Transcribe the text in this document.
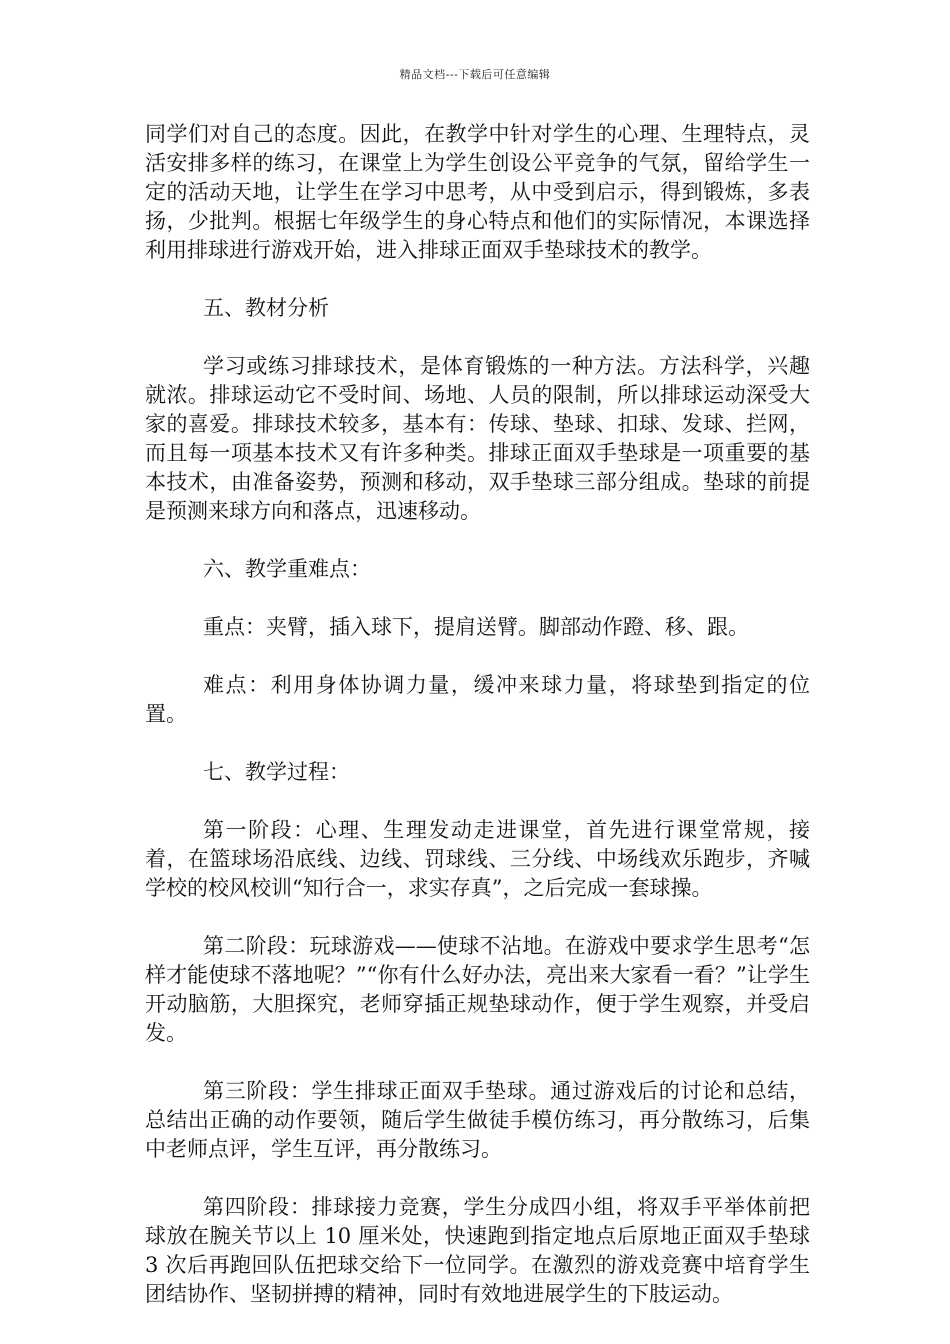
精品文档---下载后可任意编辑

同学们对自己的态度。因此，在教学中针对学生的心理、生理特点，灵活安排多样的练习，在课堂上为学生创设公平竞争的气氛，留给学生一定的活动天地，让学生在学习中思考，从中受到启示，得到锻炼，多表扬，少批判。根据七年级学生的身心特点和他们的实际情况，本课选择利用排球进行游戏开始，进入排球正面双手垫球技术的教学。

五、教材分析

学习或练习排球技术，是体育锻炼的一种方法。方法科学，兴趣就浓。排球运动它不受时间、场地、人员的限制，所以排球运动深受大家的喜爱。排球技术较多，基本有：传球、垫球、扣球、发球、拦网，而且每一项基本技术又有许多种类。排球正面双手垫球是一项重要的基本技术，由准备姿势，预测和移动，双手垫球三部分组成。垫球的前提是预测来球方向和落点，迅速移动。

六、教学重难点：

重点：夹臂，插入球下，提肩送臂。脚部动作蹬、移、跟。

难点：利用身体协调力量，缓冲来球力量，将球垫到指定的位置。

七、教学过程：

第一阶段：心理、生理发动走进课堂，首先进行课堂常规，接着，在篮球场沿底线、边线、罚球线、三分线、中场线欢乐跑步，齐喊学校的校风校训“知行合一，求实存真”，之后完成一套球操。

第二阶段：玩球游戏——使球不沾地。在游戏中要求学生思考“怎样才能使球不落地呢？”“你有什么好办法，亮出来大家看一看？”让学生开动脑筋，大胆探究，老师穿插正规垫球动作，便于学生观察，并受启发。

第三阶段：学生排球正面双手垫球。通过游戏后的讨论和总结，总结出正确的动作要领，随后学生做徒手模仿练习，再分散练习，后集中老师点评，学生互评，再分散练习。

第四阶段：排球接力竞赛，学生分成四小组，将双手平举体前把球放在腕关节以上 10 厘米处，快速跑到指定地点后原地正面双手垫球 3 次后再跑回队伍把球交给下一位同学。在激烈的游戏竞赛中培育学生团结协作、坚韧拼搏的精神，同时有效地进展学生的下肢运动。
